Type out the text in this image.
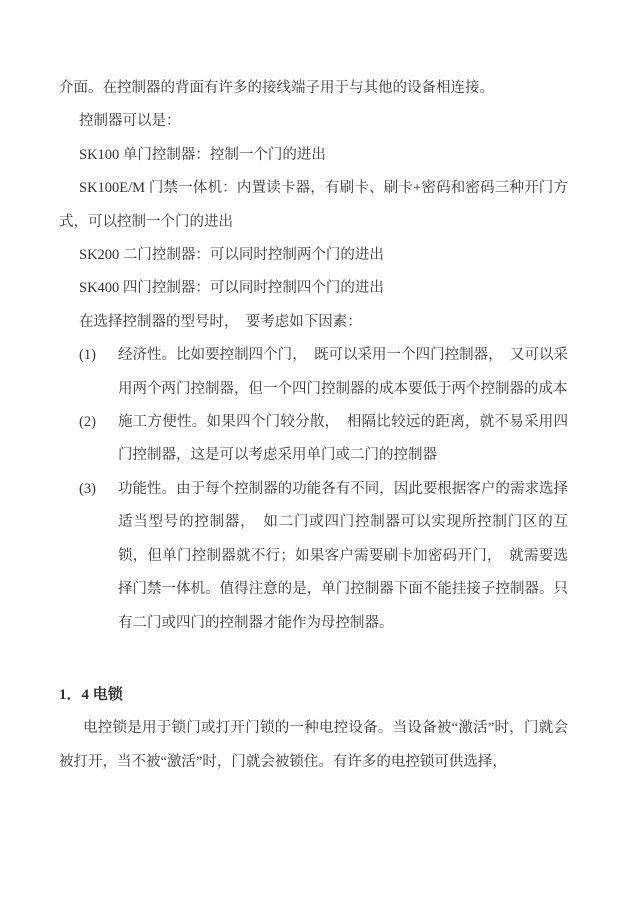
介面。在控制器的背面有许多的接线端子用于与其他的设备相连接。

控制器可以是：

SK100 单门控制器：控制一个门的进出

SK100E/M 门禁一体机：内置读卡器，有刷卡、刷卡+密码和密码三种开门方式，可以控制一个门的进出

SK200 二门控制器：可以同时控制两个门的进出

SK400 四门控制器：可以同时控制四个门的进出

在选择控制器的型号时，　要考虑如下因素：

(1) 经济性。比如要控制四个门，　既可以采用一个四门控制器，　又可以采用两个两门控制器，但一个四门控制器的成本要低于两个控制器的成本

(2) 施工方便性。如果四个门较分散，　相隔比较远的距离，就不易采用四门控制器，这是可以考虑采用单门或二门的控制器

(3) 功能性。由于每个控制器的功能各有不同，因此要根据客户的需求选择适当型号的控制器，　如二门或四门控制器可以实现所控制门区的互锁，但单门控制器就不行；如果客户需要刷卡加密码开门，　就需要选择门禁一体机。值得注意的是，单门控制器下面不能挂接子控制器。只有二门或四门的控制器才能作为母控制器。

1．4 电锁

电控锁是用于锁门或打开门锁的一种电控设备。当设备被“激活”时，门就会被打开，当不被“激活”时，门就会被锁住。有许多的电控锁可供选择，
